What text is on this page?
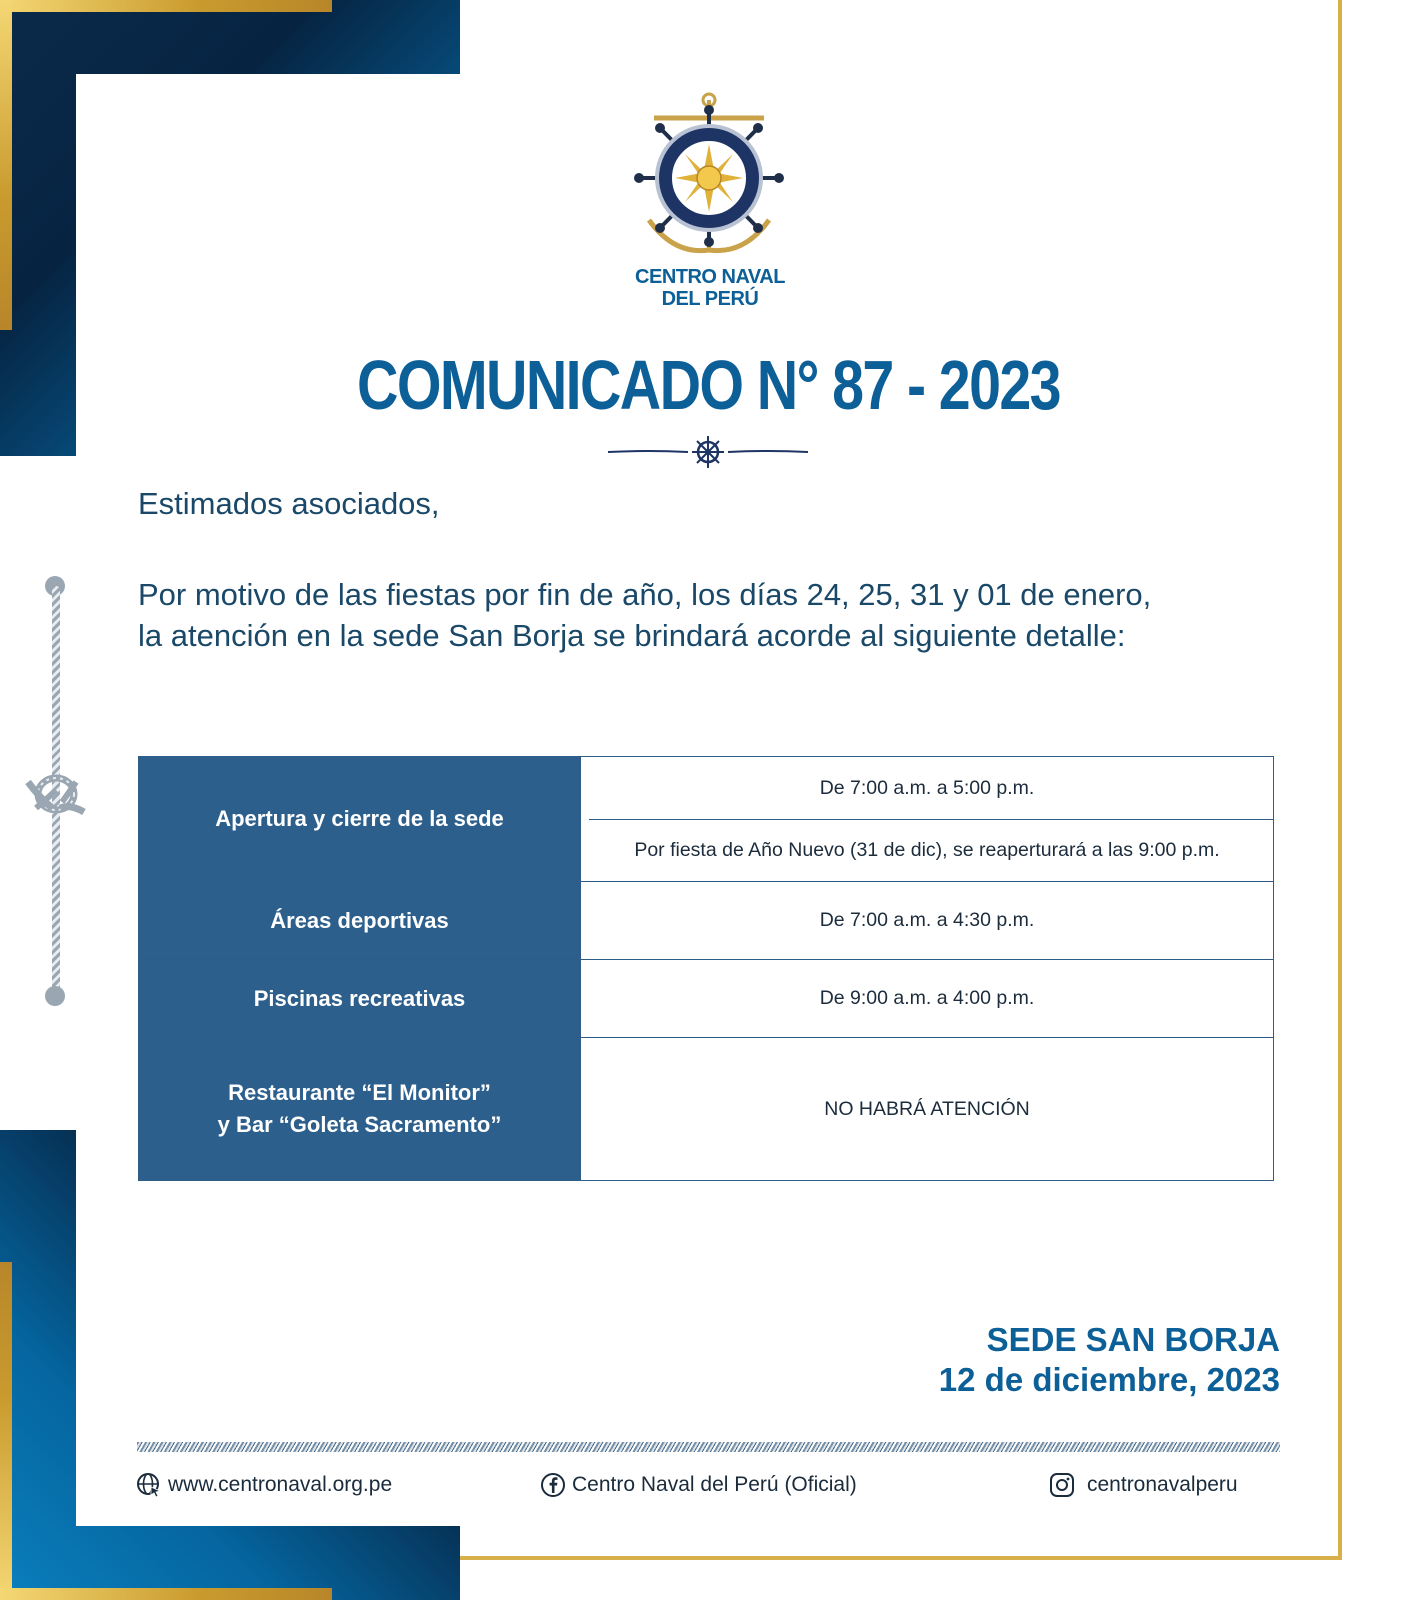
1900
CENTRO NAVAL
DEL PERÚ
COMUNICADO N° 87 - 2023
Estimados asociados,
Por motivo de las fiestas por fin de año, los días 24, 25, 31 y 01 de enero,
la atención en la sede San Borja se brindará acorde al siguiente detalle:
Apertura y cierre de la sede	De 7:00 a.m. a 5:00 p.m.

Por fiesta de Año Nuevo (31 de dic), se reaperturará a las 9:00 p.m.
Áreas deportivas	De 7:00 a.m. a 4:30 p.m.
Piscinas recreativas	De 9:00 a.m. a 4:00 p.m.

Restaurante “El Monitor”
y Bar “Goleta Sacramento”	NO HABRÁ ATENCIÓN
SEDE SAN BORJA
12 de diciembre, 2023
www.centronaval.org.pe	Centro Naval del Perú (Oficial)	centronavalperu
